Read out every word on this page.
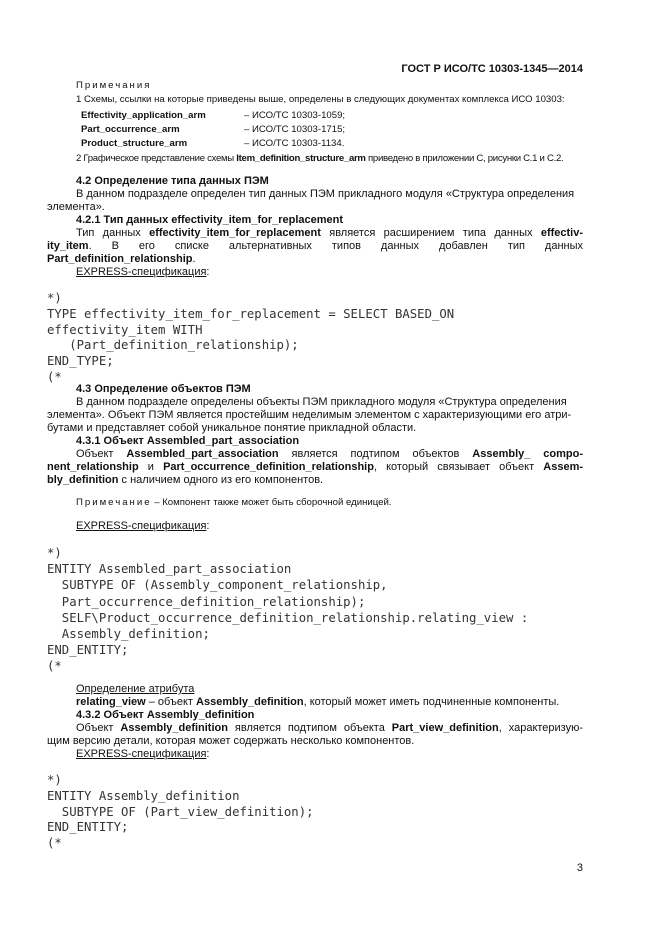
ГОСТ Р ИСО/ТС 10303-1345—2014
Примечания
1 Схемы, ссылки на которые приведены выше, определены в следующих документах комплекса ИСО 10303:
Effectivity_application_arm	– ИСО/ТС 10303-1059;
Part_occurrence_arm	– ИСО/ТС 10303-1715;
Product_structure_arm	– ИСО/ТС 10303-1134.
2 Графическое представление схемы Item_definition_structure_arm приведено в приложении С, рисунки С.1 и С.2.
4.2 Определение типа данных ПЭМ
В данном подразделе определен тип данных ПЭМ прикладного модуля «Структура определения
элемента».
4.2.1 Тип данных effectivity_item_for_replacement
Тип данных effectivity_item_for_replacement является расширением типа данных effectiv-
ity_item. В его списке альтернативных типов данных добавлен тип данных
Part_definition_relationship.
EXPRESS-спецификация:
*)
TYPE effectivity_item_for_replacement = SELECT BASED_ON
effectivity_item WITH
(Part_definition_relationship);
END_TYPE;
(*
4.3 Определение объектов ПЭМ
В данном подразделе определены объекты ПЭМ прикладного модуля «Структура определения
элемента». Объект ПЭМ является простейшим неделимым элементом с характеризующими его атри-
бутами и представляет собой уникальное понятие прикладной области.
4.3.1 Объект Assembled_part_association
Объект Assembled_part_association является подтипом объектов Assembly_ compo-
nent_relationship и Part_occurrence_definition_relationship, который связывает объект Assem-
bly_definition с наличием одного из его компонентов.
Примечание – Компонент также может быть сборочной единицей.
EXPRESS-спецификация:
*)
ENTITY Assembled_part_association
SUBTYPE OF (Assembly_component_relationship,
Part_occurrence_definition_relationship);
SELF\Product_occurrence_definition_relationship.relating_view :
Assembly_definition;
END_ENTITY;
(*
Определение атрибута
relating_view – объект Assembly_definition, который может иметь подчиненные компоненты.
4.3.2 Объект Assembly_definition
Объект Assembly_definition является подтипом объекта Part_view_definition, характеризую-
щим версию детали, которая может содержать несколько компонентов.
EXPRESS-спецификация:
*)
ENTITY Assembly_definition
SUBTYPE OF (Part_view_definition);
END_ENTITY;
(*
3
